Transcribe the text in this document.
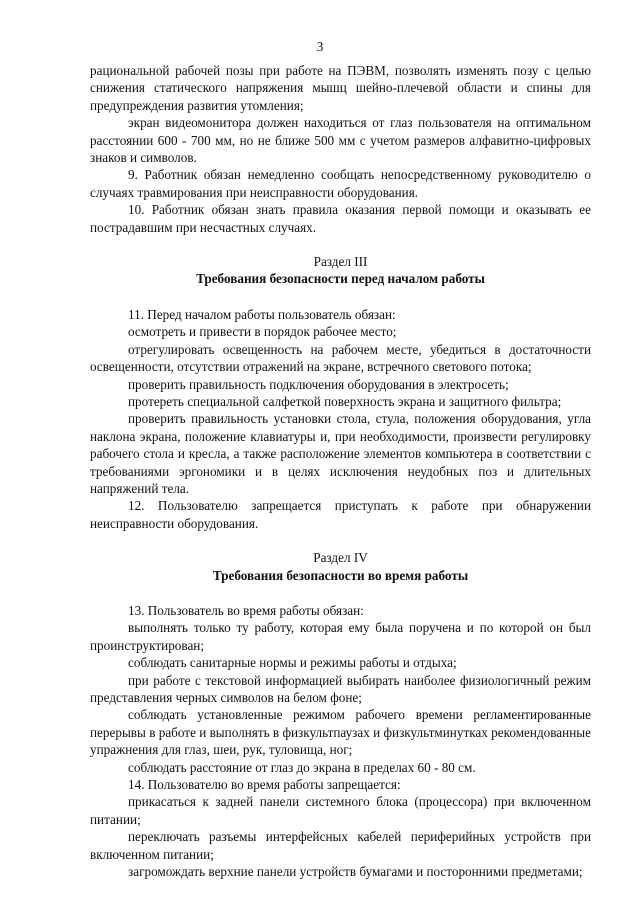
3

рациональной рабочей позы при работе на ПЭВМ, позволять изменять позу с целью снижения статического напряжения мышц шейно-плечевой области и спины для предупреждения развития утомления;

экран видеомонитора должен находиться от глаз пользователя на оптимальном расстоянии 600 - 700 мм, но не ближе 500 мм с учетом размеров алфавитно-цифровых знаков и символов.

9. Работник обязан немедленно сообщать непосредственному руководителю о случаях травмирования при неисправности оборудования.

10. Работник обязан знать правила оказания первой помощи и оказывать ее пострадавшим при несчастных случаях.

Раздел III

Требования безопасности перед началом работы

11. Перед началом работы пользователь обязан:

осмотреть и привести в порядок рабочее место;

отрегулировать освещенность на рабочем месте, убедиться в достаточности освещенности, отсутствии отражений на экране, встречного светового потока;

проверить правильность подключения оборудования в электросеть;

протереть специальной салфеткой поверхность экрана и защитного фильтра;

проверить правильность установки стола, стула, положения оборудования, угла наклона экрана, положение клавиатуры и, при необходимости, произвести регулировку рабочего стола и кресла, а также расположение элементов компьютера в соответствии с требованиями эргономики и в целях исключения неудобных поз и длительных напряжений тела.

12. Пользователю запрещается приступать к работе при обнаружении неисправности оборудования.

Раздел IV

Требования безопасности во время работы

13. Пользователь во время работы обязан:

выполнять только ту работу, которая ему была поручена и по которой он был проинструктирован;

соблюдать санитарные нормы и режимы работы и отдыха;

при работе с текстовой информацией выбирать наиболее физиологичный режим представления черных символов на белом фоне;

соблюдать установленные режимом рабочего времени регламентированные перерывы в работе и выполнять в физкультпаузах и физкультминутках рекомендованные упражнения для глаз, шеи, рук, туловища, ног;

соблюдать расстояние от глаз до экрана в пределах 60 - 80 см.

14. Пользователю во время работы запрещается:

прикасаться к задней панели системного блока (процессора) при включенном питании;

переключать разъемы интерфейсных кабелей периферийных устройств при включенном питании;

загромождать верхние панели устройств бумагами и посторонними предметами;
